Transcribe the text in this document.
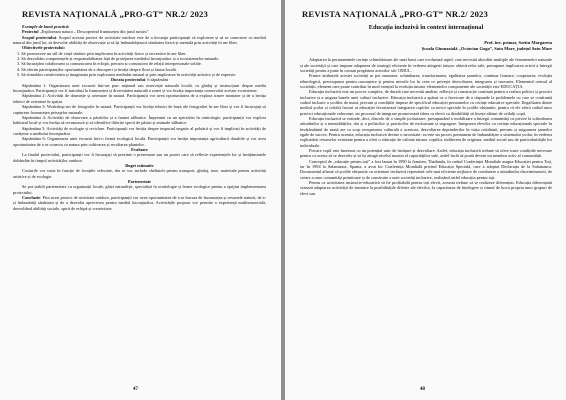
REVISTA NAȚIONALĂ „PRO-GT” NR.2/ 2023

Exemple de bună practică:

Proiectul „Exploreaza natura – Descoperind frumusețea din jurul nostru”

Scopul proiectului: Scopul acestui proiect de activitate outdoor este de a încuraja participanții să exploreze și să se conecteze cu mediul natural din jurul lor, să dezvolte abilități de observație și să își îmbunătățească sănătatea fizică și mentală prin activități în aer liber.

Obiectivele proiectului:

1. Să promoveze un stil de viață sănătos prin implicarea în activități fizice și recreative în aer liber.

2. Să dezvoltăm competențele și responsabilitatea față de protejarea mediului înconjurător și a ecosistemelor naturale.

3. Să încurajăm colaborarea și comunicarea în echipă, precum și construirea de relații interpersonale solide.

4. Să oferim participanților oportunitatea de a descoperi și învăța despre flora și fauna locală.

5. Să stimulăm creativitatea și imaginația prin explorarea mediului natural și prin implicarea în activități artistice și de expresie.

Durata proiectului: 6 săptămâni

Săptămâna 1: Organizarea unei excursii într-un parc național sau rezervație naturală locală, cu ghidaj și instrucțiuni despre mediu înconjurător. Participanții vor fi introduși la frumusețea și diversitatea naturală a zonei și vor învăța importanța conservării acestor ecosisteme.

Săptămâna 2: Activități de drumeție și orientare în natură. Participanții vor avea oportunitatea de a explora trasee montane și de a învăța tehnici de orientare în spațiu.

Săptămâna 3: Workshop-uri de fotografie în natură. Participanții vor învăța tehnici de bază ale fotografiei în aer liber și vor fi încurajați să captureze frumusețea peisajelor naturale.

Săptămâna 4: Activități de observare a păsărilor și a faunei sălbatice. Împreună cu un specialist în ornitologie, participanții vor explora habitatul local și vor învăța să recunoască și să identifice diferite specii de păsări și animale sălbatice.

Săptămâna 5: Activități de ecologie și reciclare. Participanții vor învăța despre impactul negativ al poluării și vor fi implicați în activități de curățenie a mediului înconjurător.

Săptămâna 6: Organizarea unei excursii într-o fermă ecologică locală. Participanții vor învăța importanța agriculturii durabile și vor avea oportunitatea de a se conecta cu natura prin cultivarea și recoltarea plantelor.

Evaluare

La finalul proiectului, participanții vor fi încurajați să prezinte o prezentare sau un poster care să reflecte experiențele lor și învățămintele dobândite în timpul activităților outdoor.

Buget estimativ

Costurile vor varia în funcție de locațiile selectate, dar se vor include cheltuieli pentru transport, ghidaj, taxe, materiale pentru activități artistice și de ecologie.

Parteneriate

Se pot stabili parteneriate cu organizații locale, ghizi naturaliști, specialiști în ornitologie și ferme ecologice pentru a sprijini implementarea proiectului.

Concluzie: Prin acest proiect de activitate outdoor, participanții vor avea oportunitatea de a se bucura de frumusețea și resursele naturii, de a-și îmbunătăți sănătatea și de a dezvolta aprecierea pentru mediul înconjurător. Activitățile propuse vor permite o experiență multisenzorială, dezvoltând abilități sociale, spirit de echipă și creativitate.

47
REVISTA NAȚIONALĂ „PRO-GT” NR.2/ 2023
Educația incluzivă în context internațional
Prof. înv. primar, Szeitu Margareta
Școala Gimnazială „Octavian Goga”, Satu Mare, județul Satu Mare

Adaptarea la permanentele cerințe schimbătoare ale unei lumi care evoluează rapid, care necesită abordări multiple ale fenomenelor naturale și ale societății și care impune adaptarea de strategii eficiente în vederea atingerii tuturor obiectivelor sale, presupune implicarea activă a întregii societăți pentru a pune în comun pregătirea actorilor săi: OMUL.

Printre atributele acestei societăți se pot enumera: schimbarea, transformarea, egalitatea șanselor, continua formare, cooperarea, evoluția tehnologică, preocuparea pentru cunoaștere și pentru nevoile lor în ceea ce privește dezvoltarea, integrarea și inovarea. Elementul central al societății, element care poate contribui în mod esențial la evoluția tuturor elementelor componente ale societății este EDUCAȚIA.

Educația incluzivă este un proces complex, de durată care necesită analize, reflecții și construcție continuă pentru a realiza politici și practici incluzive și a asigura bazele unei culturi incluzive. Educația incluzivă a apărut ca o încercare de a răspunde la problemele cu care se confruntă cadrul incluziv a școlilor de masă, precum și condițiile impuse de specificul educației persoanelor cu cerințe educative speciale. Ilegalitatea dintre mediul școlar și ceilalți factori ai educației favorizează integrarea copiilor cu nevoi speciale în școlile obișnuite, pentru că ele oferă cadrul unor practici educaționale valoroase, iar procesul de integrare promovează ideea ca elevii cu dizabilități să învețe alături de ceilalți copii.

Educația incluzivă se extinde, deci, dincolo de o simplă școlarizare, presupunând o mobilizare a întregii comunități cu privire la schimbarea atitudinilor și a mentalităților, dar și a politicilor și practicilor de excluziune și segregare. Integrarea elevilor cu cerințe educaționale speciale în învățământul de masă are ca scop recuperarea culturală a acestora, dezvoltarea deprinderilor în viața cotidiană, precum și asigurarea șanselor egale de succes. Pentru aceasta, educația incluzivă devine o necesitate: ea este un proces permanent de îmbunătățire a sistemului școlar, în vederea exploatării resurselor existente pentru a oferi o educație de calitate tuturor copiilor, indiferent de originea, mediul social sau de particularitățile lor individuale.

Fiecare copil este înzestrat cu un potențial unic de învățare și dezvoltare. Astfel, educația incluzivă trebuie să ofere toate condițiile necesare pentru ca acesta să se dezvolte și să își atingă nivelul maxim al capacităților sale, astfel încât să poată deveni un membru activ al comunității.

Conceptul de „educație pentru toți” a fost lansat în 1990 la Jomtien, Thailanda, în cadrul Conferinței Mondiale asupra Educației pentru Toți, iar în 1994 la Salamanca, Spania, a avut loc Conferința Mondială privind Educația Specială, care a adoptat Declarația de la Salamanca. Documentul afirmă că școlile obișnuite cu orientare incluzivă reprezintă cele mai eficiente mijloace de combatere a atitudinilor discriminatorii, de creare a unor comunități primitoare și de construire a unei societăți incluzive, realizând astfel educația pentru toți.

Pentru ca activitatea instructiv-educativă să fie profitabilă pentru toți elevii, aceasta trebuie să se realizeze diferențiat. Educația diferențiată vizează adaptarea activității de instruire la posibilitățile diferite ale elevilor, la capacitatea de înțelegere și ritmul de lucru propriu unor grupuri de elevi sau

48
